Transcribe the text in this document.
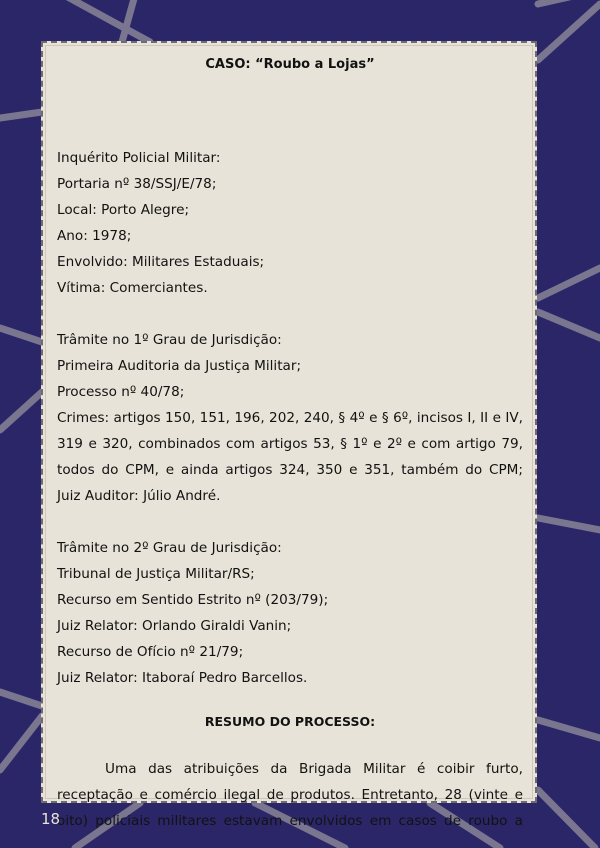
CASO: “Roubo a Lojas”
Inquérito Policial Militar:
Portaria nº 38/SSJ/E/78;
Local: Porto Alegre;
Ano: 1978;
Envolvido: Militares Estaduais;
Vítima: Comerciantes.
Trâmite no 1º Grau de Jurisdição:
Primeira Auditoria da Justiça Militar;
Processo nº 40/78;
Crimes: artigos 150, 151, 196, 202, 240, § 4º e § 6º, incisos I, II e IV,
319 e 320, combinados com artigos 53, § 1º e 2º e com artigo 79,
todos do CPM, e ainda artigos 324, 350 e 351, também do CPM;
Juiz Auditor: Júlio André.
Trâmite no 2º Grau de Jurisdição:
Tribunal de Justiça Militar/RS;
Recurso em Sentido Estrito nº (203/79);
Juiz Relator: Orlando Giraldi Vanin;
Recurso de Ofício nº 21/79;
Juiz Relator: Itaboraí Pedro Barcellos.
RESUMO DO PROCESSO:
Uma das atribuições da Brigada Militar é coibir furto,
receptação e comércio ilegal de produtos. Entretanto, 28 (vinte e
oito) policiais militares estavam envolvidos em casos de roubo a
18
